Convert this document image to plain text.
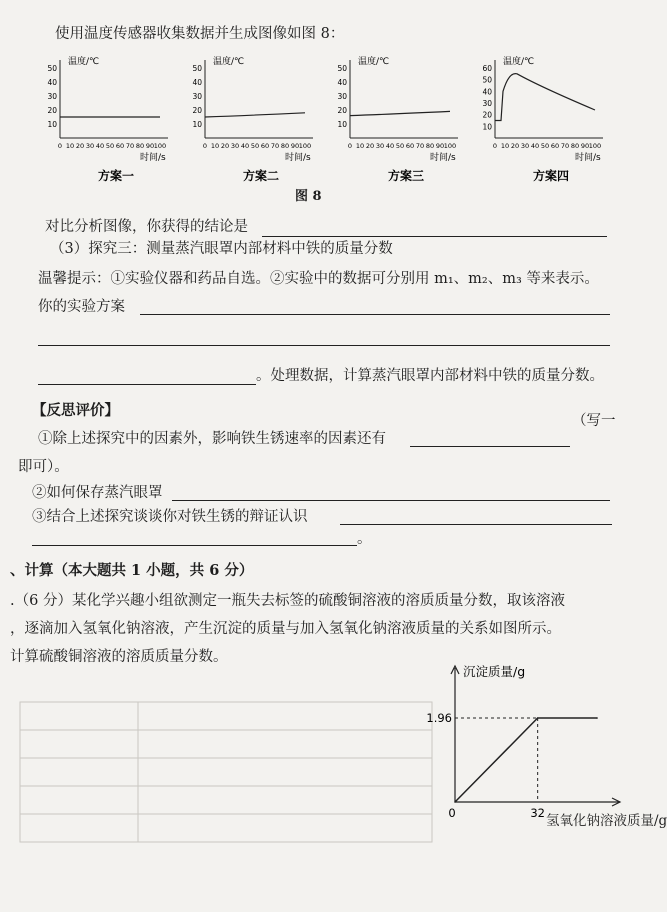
使用温度传感器收集数据并生成图像如图 8：
温度/℃
50
40
30
20
10
0 10 20 30 40 50 60 70 80 90 100
时间/s
方案一
温度/℃
50
40
30
20
10
0 10 20 30 40 50 60 70 80 90 100
时间/s
方案二
温度/℃
50
40
30
20
10
0 10 20 30 40 50 60 70 80 90 100
时间/s
方案三
温度/℃
60
50
40
30
20
10
0 10 20 30 40 50 60 70 80 90 100
时间/s
方案四
图 8
对比分析图像，你获得的结论是
（3）探究三：测量蒸汽眼罩内部材料中铁的质量分数
温馨提示：①实验仪器和药品自选。②实验中的数据可分别用 m₁、m₂、m₃ 等来表示。
你的实验方案
。处理数据，计算蒸汽眼罩内部材料中铁的质量分数。
【反思评价】
①除上述探究中的因素外，影响铁生锈速率的因素还有
（写一
即可）。
②如何保存蒸汽眼罩
③结合上述探究谈谈你对铁生锈的辩证认识
。
、计算（本大题共 1 小题，共 6 分）
.（6 分）某化学兴趣小组欲测定一瓶失去标签的硫酸铜溶液的溶质质量分数，取该溶液
，逐滴加入氢氧化钠溶液，产生沉淀的质量与加入氢氧化钠溶液质量的关系如图所示。
计算硫酸铜溶液的溶质质量分数。
沉淀质量/g
1.96
0	32 氢氧化钠溶液质量/g
